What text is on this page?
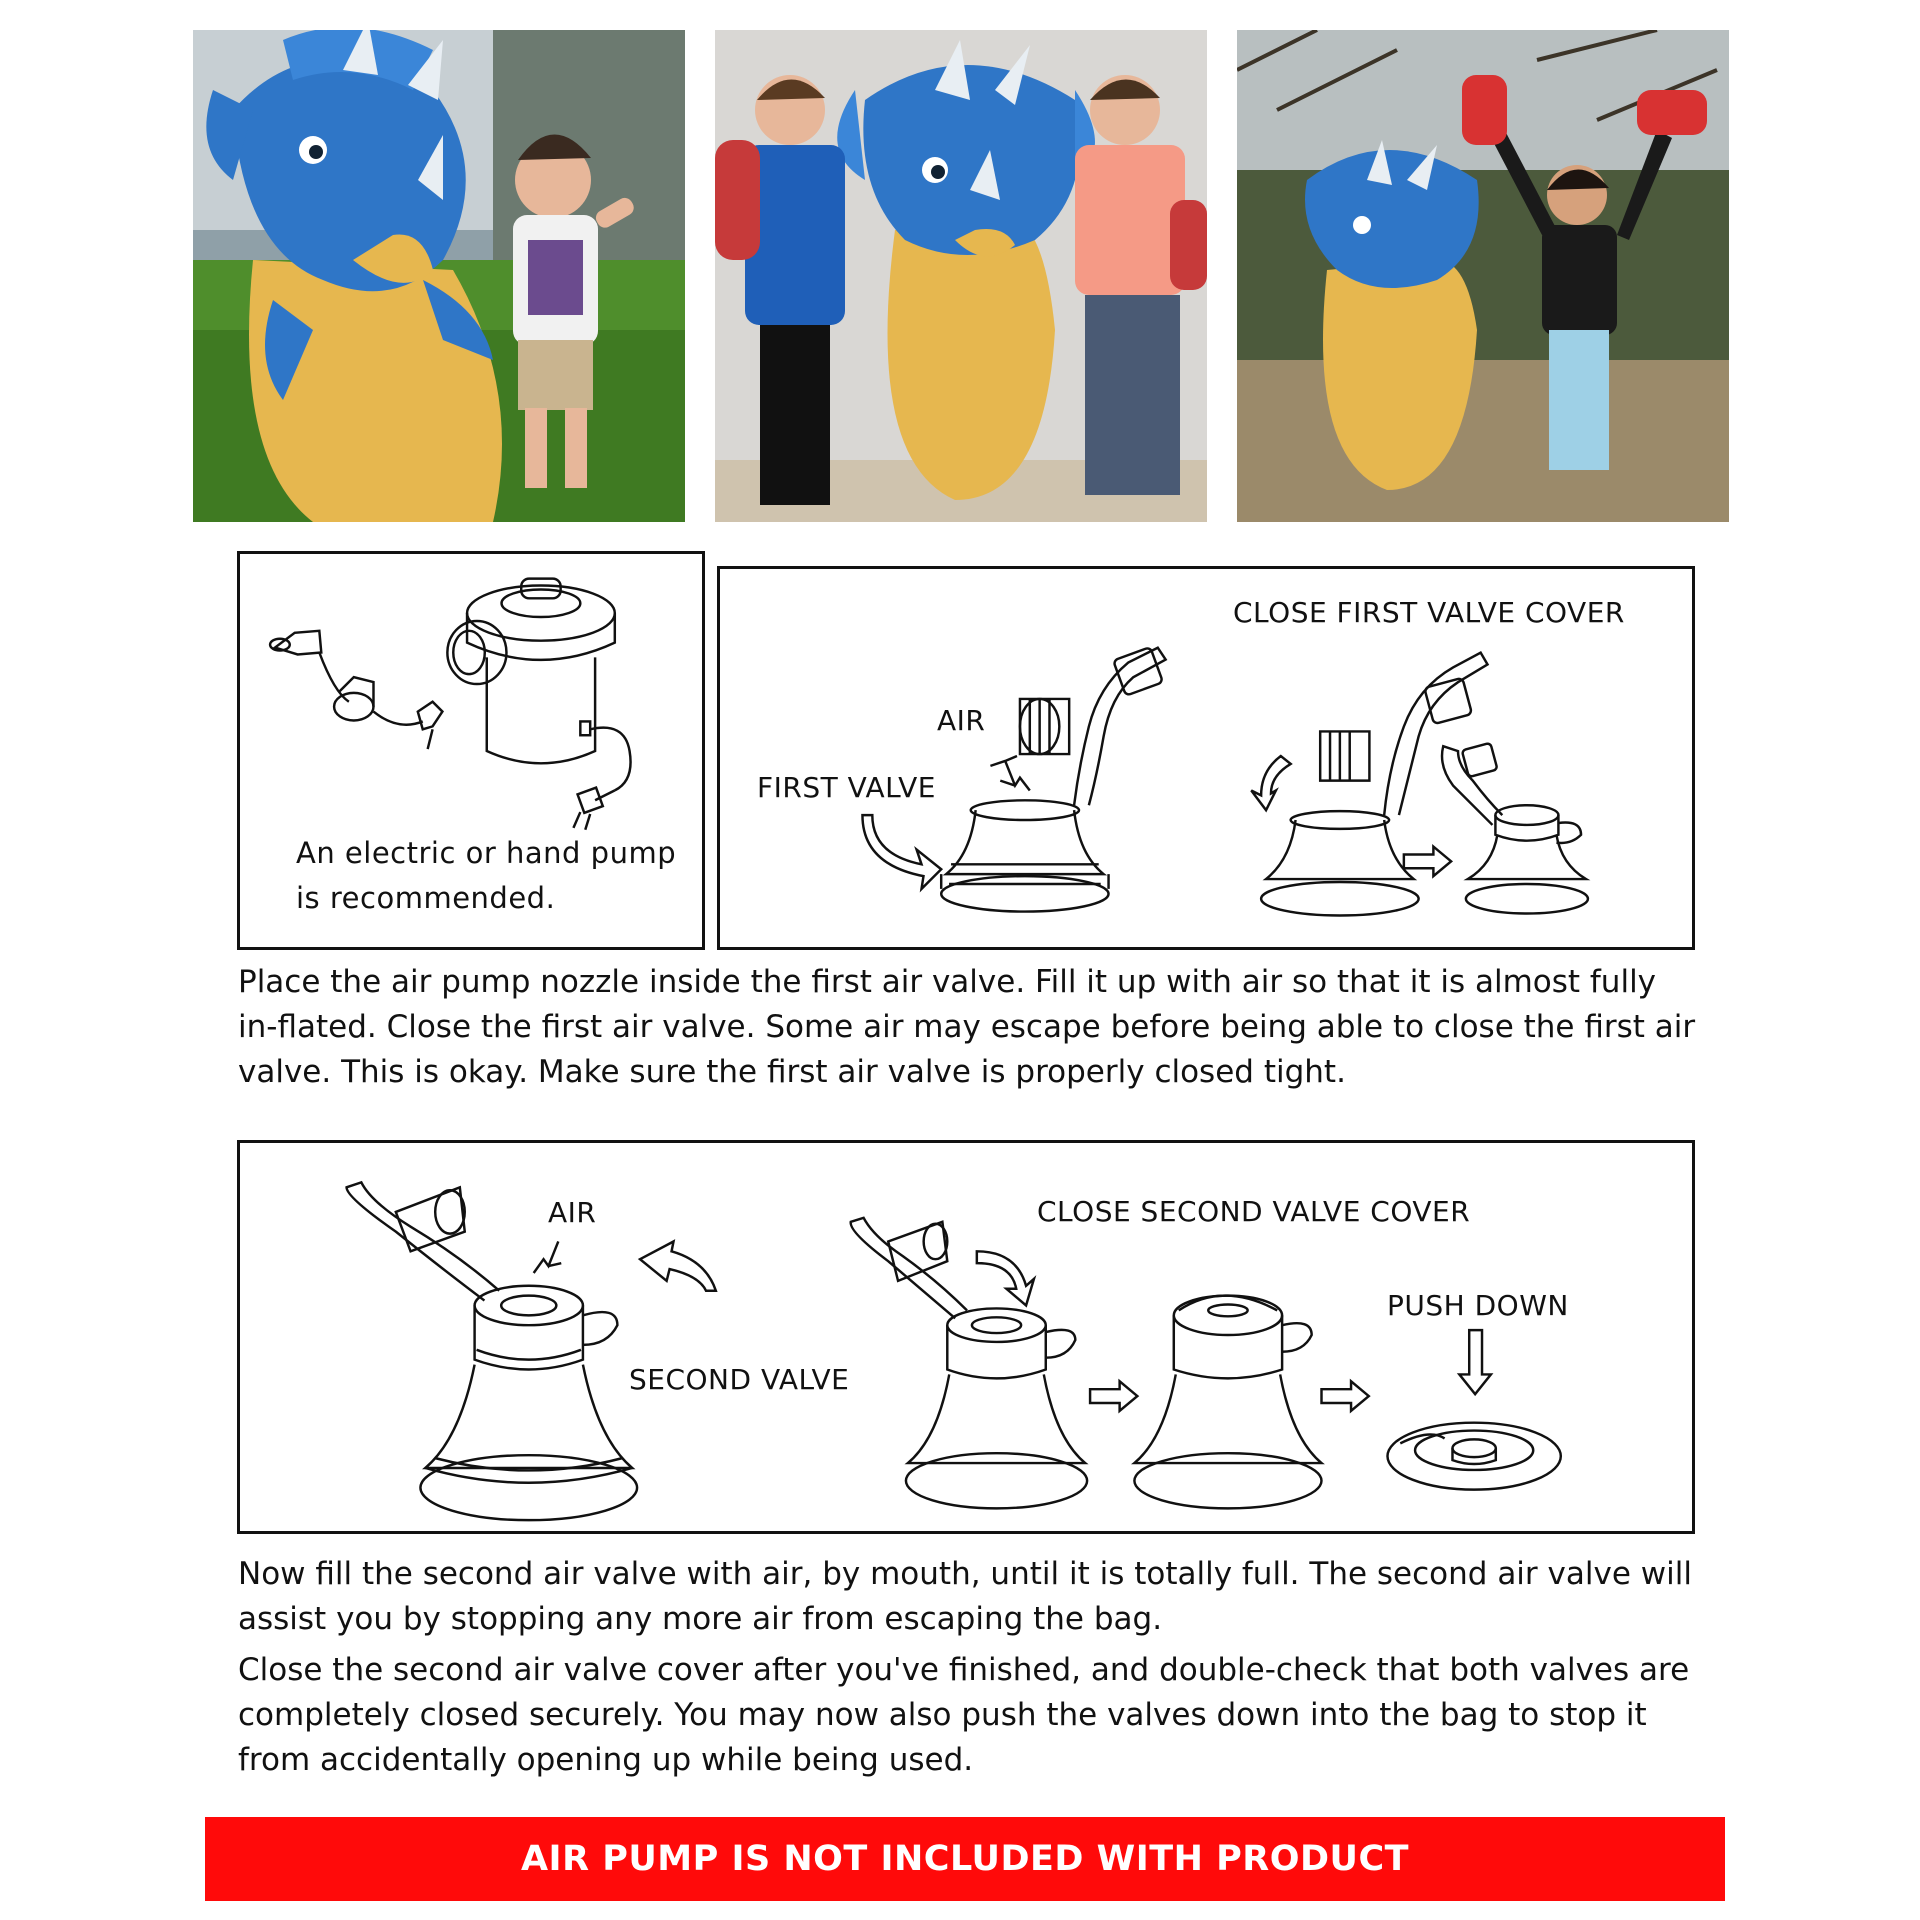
An electric or hand pump
is recommended.
CLOSE FIRST VALVE COVER
AIR
FIRST VALVE

Place the air pump nozzle inside the first air valve. Fill it up with air so that it is almost fully in-flated. Close the first air valve. Some air may escape before being able to close the first air valve. This is okay. Make sure the first air valve is properly closed tight.

AIR	CLOSE SECOND VALVE COVER
PUSH DOWN
SECOND VALVE

Now fill the second air valve with air, by mouth, until it is totally full. The second air valve will assist you by stopping any more air from escaping the bag.

Close the second air valve cover after you've finished, and double-check that both valves are completely closed securely. You may now also push the valves down into the bag to stop it from accidentally opening up while being used.

AIR PUMP IS NOT INCLUDED WITH PRODUCT
